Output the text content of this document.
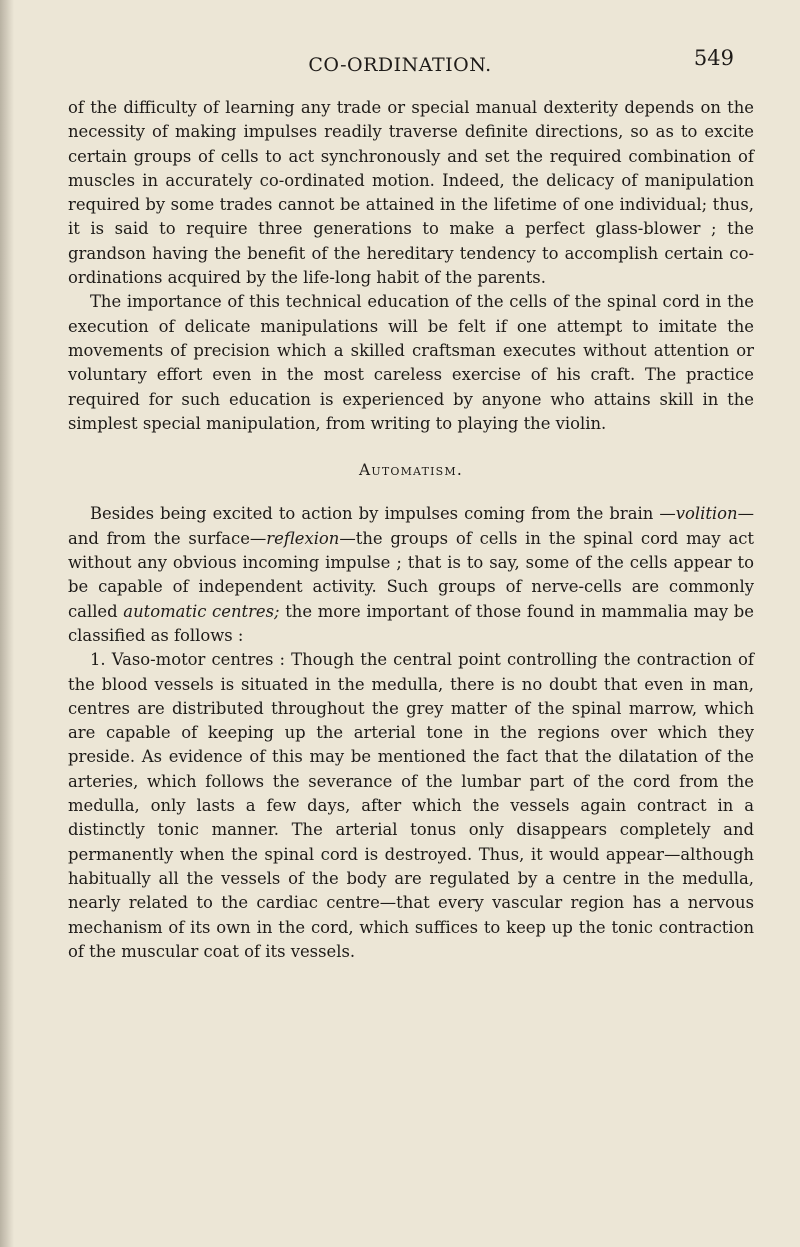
CO-ORDINATION.	549

of the difficulty of learning any trade or special manual dexterity depends on the necessity of making impulses readily traverse definite directions, so as to excite certain groups of cells to act synchronously and set the required combination of muscles in accurately co-ordinated motion. Indeed, the delicacy of manipulation required by some trades cannot be attained in the lifetime of one individual; thus, it is said to require three generations to make a perfect glass-blower ; the grandson having the benefit of the hereditary tendency to accomplish certain co-ordinations acquired by the life-long habit of the parents.

The importance of this technical education of the cells of the spinal cord in the execution of delicate manipulations will be felt if one attempt to imitate the movements of precision which a skilled craftsman executes without attention or voluntary effort even in the most careless exercise of his craft. The practice required for such education is experienced by anyone who attains skill in the simplest special manipulation, from writing to playing the violin.

Automatism.

Besides being excited to action by impulses coming from the brain —volition—and from the surface—reflexion—the groups of cells in the spinal cord may act without any obvious incoming impulse ; that is to say, some of the cells appear to be capable of independent activity. Such groups of nerve-cells are commonly called automatic centres; the more important of those found in mammalia may be classified as follows :

1. Vaso-motor centres : Though the central point controlling the contraction of the blood vessels is situated in the medulla, there is no doubt that even in man, centres are distributed throughout the grey matter of the spinal marrow, which are capable of keeping up the arterial tone in the regions over which they preside. As evidence of this may be mentioned the fact that the dilatation of the arteries, which follows the severance of the lumbar part of the cord from the medulla, only lasts a few days, after which the vessels again contract in a distinctly tonic manner. The arterial tonus only disappears completely and permanently when the spinal cord is destroyed. Thus, it would appear—although habitually all the vessels of the body are regulated by a centre in the medulla, nearly related to the cardiac centre—that every vascular region has a nervous mechanism of its own in the cord, which suffices to keep up the tonic contraction of the muscular coat of its vessels.
